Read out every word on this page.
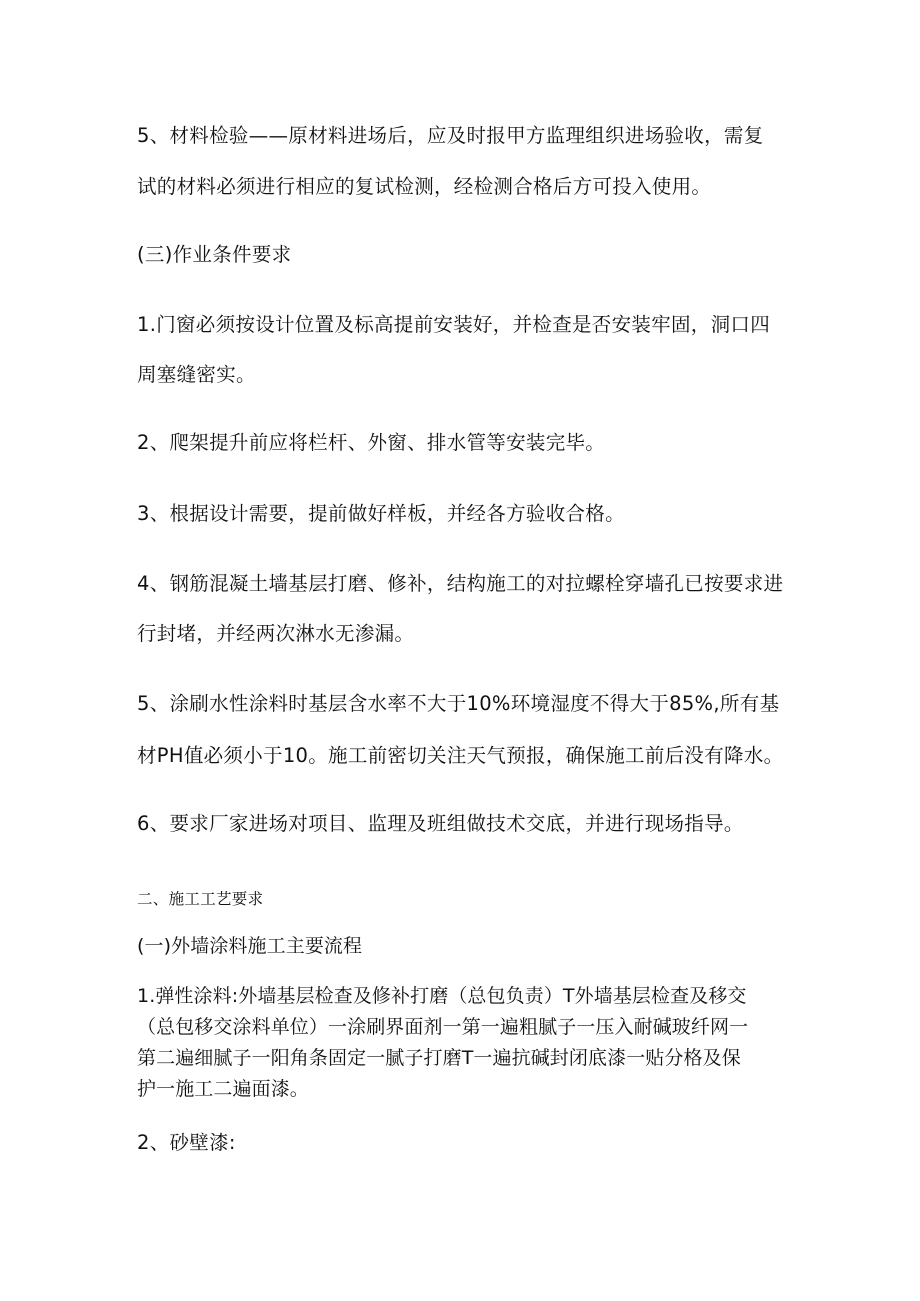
5、材料检验——原材料进场后，应及时报甲方监理组织进场验收，需复
试的材料必须进行相应的复试检测，经检测合格后方可投入使用。
(三)作业条件要求
1.门窗必须按设计位置及标高提前安装好，并检查是否安装牢固，洞口四
周塞缝密实。
2、爬架提升前应将栏杆、外窗、排水管等安装完毕。
3、根据设计需要，提前做好样板，并经各方验收合格。
4、钢筋混凝土墙基层打磨、修补，结构施工的对拉螺栓穿墙孔已按要求进
行封堵，并经两次淋水无渗漏。
5、涂刷水性涂料时基层含水率不大于10%环境湿度不得大于85%,所有基
材PH值必须小于10。施工前密切关注天气预报，确保施工前后没有降水。
6、要求厂家进场对项目、监理及班组做技术交底，并进行现场指导。
二、施工工艺要求
(一)外墙涂料施工主要流程
1.弹性涂料:外墙基层检查及修补打磨（总包负责）T外墙基层检查及移交
（总包移交涂料单位）一涂刷界面剂一第一遍粗腻子一压入耐碱玻纤网一
第二遍细腻子一阳角条固定一腻子打磨T一遍抗碱封闭底漆一贴分格及保
护一施工二遍面漆。
2、砂壁漆:
